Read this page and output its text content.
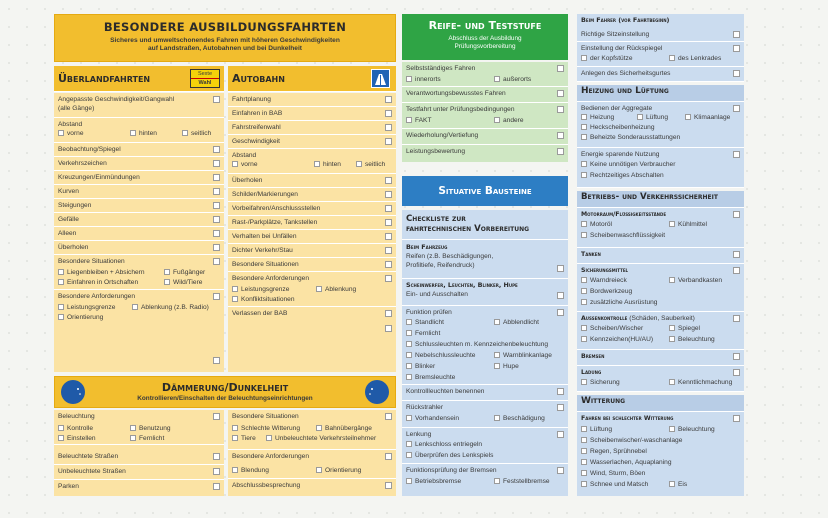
BESONDERE AUSBILDUNGSFAHRTEN
Sicheres und umweltschonendes Fahren mit höheren Geschwindigkeiten
auf Landstraßen, Autobahnen und bei Dunkelheit
Überlandfahrten	Sexte
Wahl
Angepasste Geschwindigkeit/Gangwahl
(alle Gänge)
Abstand
vorne	hinten	seitlich
Beobachtung/Spiegel
Verkehrszeichen
Kreuzungen/Einmündungen
Kurven
Steigungen
Gefälle
Alleen
Überholen
Besondere Situationen
Liegenbleiben + Absichern	Fußgänger
Einfahren in Ortschaften	Wild/Tiere
Besondere Anforderungen
Leistungsgrenze	Ablenkung (z.B. Radio)
Orientierung
Autobahn
Fahrtplanung
Einfahren in BAB
Fahrstreifenwahl
Geschwindigkeit
Abstand
vorne	hinten	seitlich
Überholen
Schilder/Markierungen
Vorbeifahren/Anschlussstellen
Rast-/Parkplätze, Tankstellen
Verhalten bei Unfällen
Dichter Verkehr/Stau
Besondere Situationen
Besondere Anforderungen
Leistungsgrenze	Ablenkung
Konfliktsituationen
Verlassen der BAB
Dämmerung/Dunkelheit
Kontrollieren/Einschalten der Beleuchtungseinrichtungen
Beleuchtung
Kontrolle	Benutzung
Einstellen	Fernlicht
Beleuchtete Straßen
Unbeleuchtete Straßen
Parken
Besondere Situationen
Schlechte Witterung	Bahnübergänge
Tiere	Unbeleuchtete Verkehrsteilnehmer
Besondere Anforderungen
Blendung	Orientierung
Abschlussbesprechung
Reife- und Teststufe
Abschluss der Ausbildung
Prüfungsvorbereitung
Selbstständiges Fahren
innerorts	außerorts
Verantwortungsbewusstes Fahren
Testfahrt unter Prüfungsbedingungen
FAKT	andere
Wiederholung/Vertiefung
Leistungsbewertung
Situative Bausteine
Checkliste zur
fahrtechnischen Vorbereitung
Beim Fahrzeug
Reifen (z.B. Beschädigungen,
Profiltiefe, Reifendruck)
Scheinwerfer, Leuchten, Blinker, Hupe
Ein- und Ausschalten
Funktion prüfen
Standlicht	Abblendlicht
Fernlicht
Schlussleuchten m. Kennzeichenbeleuchtung
Nebelschlussleuchte	Warnblinkanlage
Blinker	Hupe
Bremsleuchte
Kontrollleuchten benennen
Rückstrahler
Vorhandensein	Beschädigung
Lenkung
Lenkschloss entriegeln
Überprüfen des Lenkspiels
Funktionsprüfung der Bremsen
Betriebsbremse	Feststellbremse
Beim Fahrer (vor Fahrtbeginn)
Richtige Sitzeinstellung
Einstellung der Rückspiegel
der Kopfstütze	des Lenkrades
Anlegen des Sicherheitsgurtes
Heizung und Lüftung
Bedienen der Aggregate
Heizung	Lüftung	Klimaanlage
Heckscheibenheizung
Beheizte Sonderausstattungen
Energie sparende Nutzung
Keine unnötigen Verbraucher
Rechtzeitiges Abschalten
Betriebs- und Verkehrssicherheit
Motorraum/Flüssigkeitsstände
Motoröl	Kühlmittel
Scheibenwaschflüssigkeit
Tanken
Sicherungsmittel
Warndreieck	Verbandkasten
Bordwerkzeug
zusätzliche Ausrüstung
Außenkontrolle (Schäden, Sauberkeit)
Scheiben/Wischer	Spiegel
Kennzeichen(HU/AU)	Beleuchtung
Bremsen
Ladung
Sicherung	Kenntlichmachung
Witterung
Fahren bei schlechter Witterung
Lüftung	Beleuchtung
Scheibenwischer/-waschanlage
Regen, Sprühnebel
Wasserlachen, Aquaplaning
Wind, Sturm, Böen
Schnee und Matsch	Eis
